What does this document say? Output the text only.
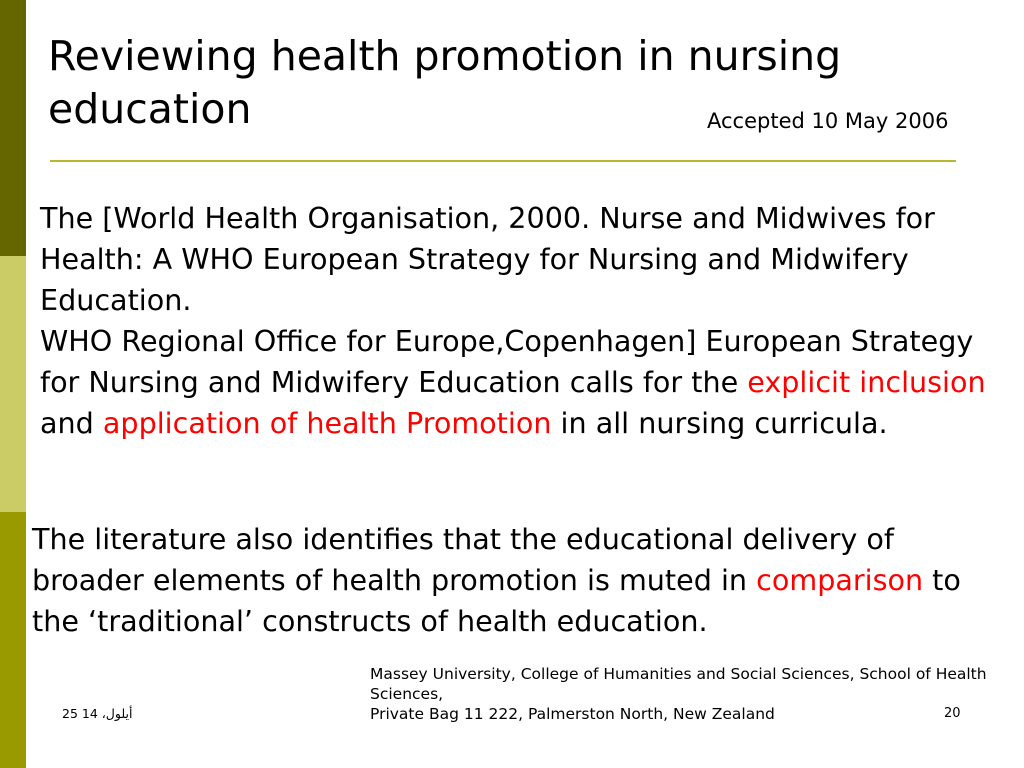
Reviewing health promotion in nursing education	Accepted 10 May 2006

The [World Health Organisation, 2000. Nurse and Midwives for Health: A WHO European Strategy for Nursing and Midwifery Education.
WHO Regional Office for Europe,Copenhagen] European Strategy for Nursing and Midwifery Education calls for the explicit inclusion and application of health Promotion in all nursing curricula.

The literature also identifies that the educational delivery of broader elements of health promotion is muted in comparison to the ‘traditional’ constructs of health education.

Massey University, College of Humanities and Social Sciences, School of Health Sciences,
Private Bag 11 222, Palmerston North, New Zealand
25 أيلول، 14	20
